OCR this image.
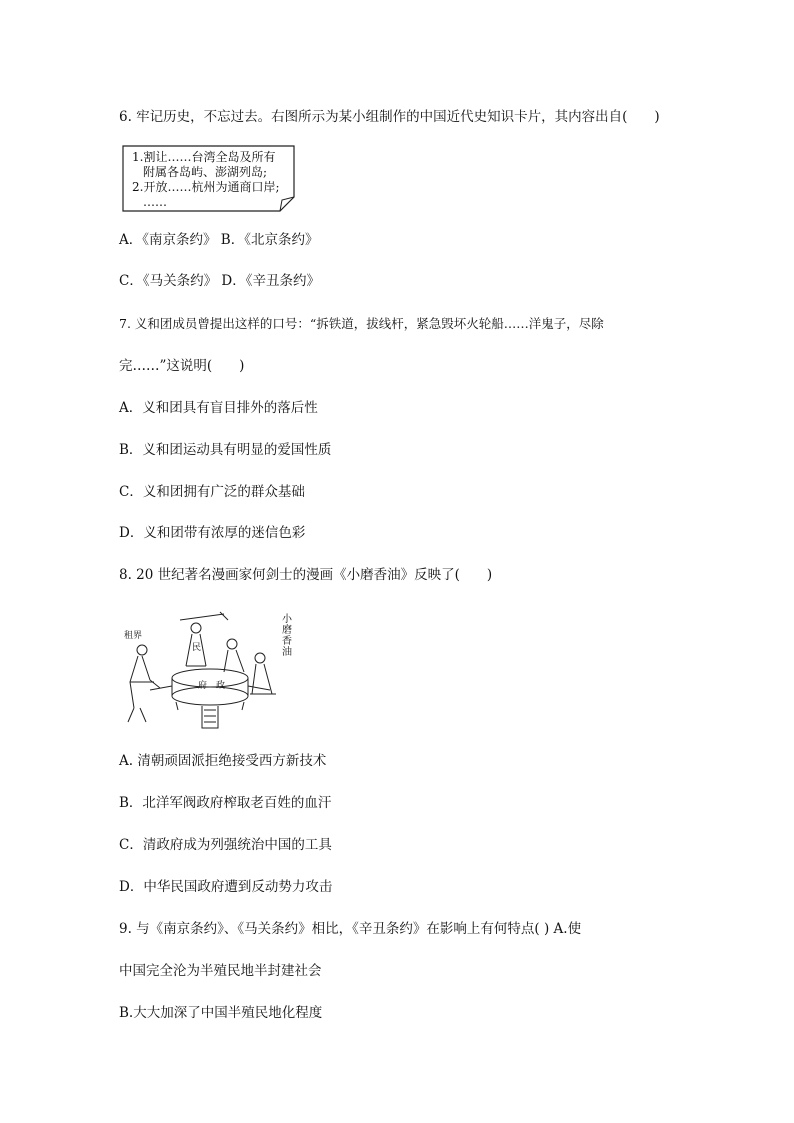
6. 牢记历史，不忘过去。右图所示为某小组制作的中国近代史知识卡片，其内容出自(　　)
1.割让……台湾全岛及所有
附属各岛屿、澎湖列岛;
2.开放……杭州为通商口岸;
……
A．《南京条约》 B．《北京条约》
C．《马关条约》 D．《辛丑条约》
7. 义和团成员曾提出这样的口号：“拆铁道，拔线杆，紧急毁坏火轮船……洋鬼子，尽除
完……”这说明(　　)
A．义和团具有盲目排外的落后性
B．义和团运动具有明显的爱国性质
C．义和团拥有广泛的群众基础
D．义和团带有浓厚的迷信色彩
8. 20 世纪著名漫画家何剑士的漫画《小磨香油》反映了(　　)
小磨香油
租界
府　政
民
A. 清朝顽固派拒绝接受西方新技术
B．北洋军阀政府榨取老百姓的血汗
C．清政府成为列强统治中国的工具
D．中华民国政府遭到反动势力攻击
9. 与《南京条约》、《马关条约》相比，《辛丑条约》在影响上有何特点( ) A.使
中国完全沦为半殖民地半封建社会
B.大大加深了中国半殖民地化程度
